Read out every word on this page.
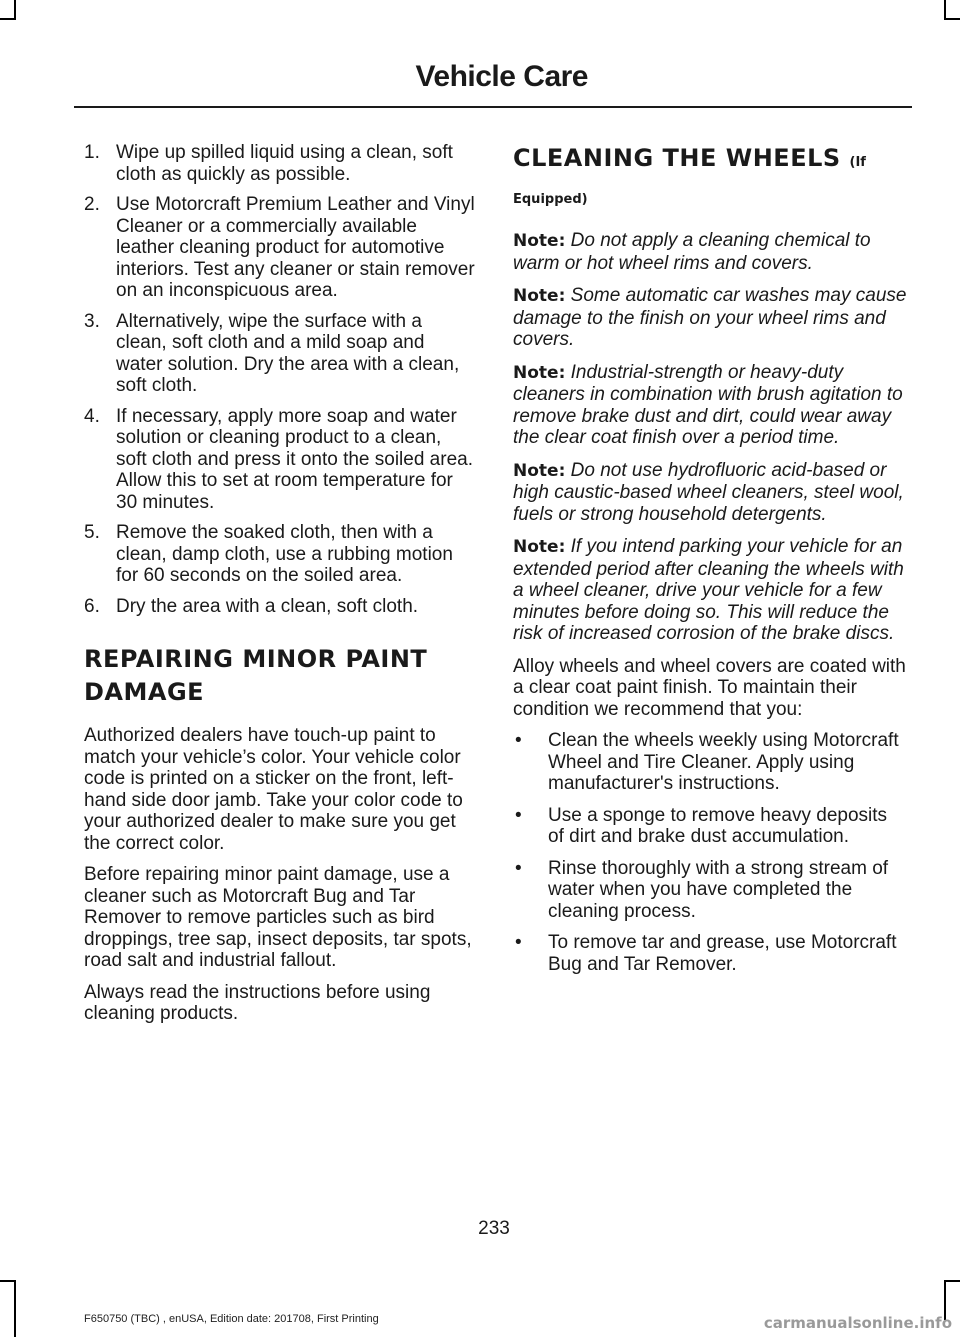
Vehicle Care
1. Wipe up spilled liquid using a clean, soft cloth as quickly as possible.
2. Use Motorcraft Premium Leather and Vinyl Cleaner or a commercially available leather cleaning product for automotive interiors. Test any cleaner or stain remover on an inconspicuous area.
3. Alternatively, wipe the surface with a clean, soft cloth and a mild soap and water solution. Dry the area with a clean, soft cloth.
4. If necessary, apply more soap and water solution or cleaning product to a clean, soft cloth and press it onto the soiled area. Allow this to set at room temperature for 30 minutes.
5. Remove the soaked cloth, then with a clean, damp cloth, use a rubbing motion for 60 seconds on the soiled area.
6. Dry the area with a clean, soft cloth.
REPAIRING MINOR PAINT DAMAGE

Authorized dealers have touch-up paint to match your vehicle’s color. Your vehicle color code is printed on a sticker on the front, left-hand side door jamb. Take your color code to your authorized dealer to make sure you get the correct color.

Before repairing minor paint damage, use a cleaner such as Motorcraft Bug and Tar Remover to remove particles such as bird droppings, tree sap, insect deposits, tar spots, road salt and industrial fallout.

Always read the instructions before using cleaning products.

CLEANING THE WHEELS (If Equipped)

Note: Do not apply a cleaning chemical to warm or hot wheel rims and covers.

Note: Some automatic car washes may cause damage to the finish on your wheel rims and covers.

Note: Industrial-strength or heavy-duty cleaners in combination with brush agitation to remove brake dust and dirt, could wear away the clear coat finish over a period time.

Note: Do not use hydrofluoric acid-based or high caustic-based wheel cleaners, steel wool, fuels or strong household detergents.

Note: If you intend parking your vehicle for an extended period after cleaning the wheels with a wheel cleaner, drive your vehicle for a few minutes before doing so. This will reduce the risk of increased corrosion of the brake discs.

Alloy wheels and wheel covers are coated with a clear coat paint finish. To maintain their condition we recommend that you:

• Clean the wheels weekly using Motorcraft Wheel and Tire Cleaner. Apply using manufacturer's instructions.
• Use a sponge to remove heavy deposits of dirt and brake dust accumulation.
• Rinse thoroughly with a strong stream of water when you have completed the cleaning process.
• To remove tar and grease, use Motorcraft Bug and Tar Remover.
233
F650750 (TBC) , enUSA, Edition date: 201708, First Printing	carmanualsonline.info
